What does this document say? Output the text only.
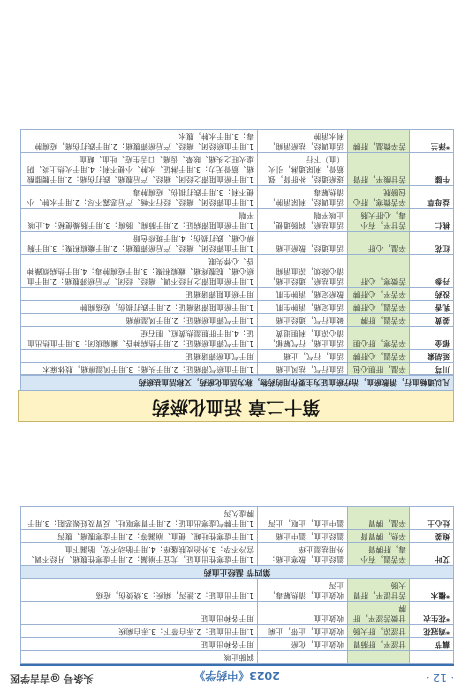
· 12 ·
2023《中药学》
			润肺止咳
藕节	甘涩平，肝肺胃	收敛止血，化瘀	用于各种出血证
*鸡冠花	甘涩凉，肝大肠	收敛止血，止带，止痢	1.用于出血证；2.赤白带下；3.赤白痢疾
*花生衣	甘微苦涩平，肝脾	收敛止血	用于各种出血证
*檵木	苦甘涩平，肝胃大肠	收敛止血，清热解毒，止泻	1.用于出血证；2.泄泻，痢疾；3.烧烫伤，疮疡
第四节 温经止血药			
艾叶	辛苦温，有小毒，肝脾肾	温经止血，散寒止痛；外用祛湿止痒	1.用于虚寒性出血证，尤宜于崩漏；2.用于虚寒性腹痛、月经不调、宫冷不孕；3.外治皮肤瘙痒；4.用于胎动不安，胎漏下血
炮姜	辛热，脾胃肾	温经止血，温中止痛	1.用于虚寒性吐衄、便血、崩漏等；2.用于虚寒腹痛、腹泻
灶心土	辛温，脾胃	温中止血，止呕，止泻	1.用于脾气虚寒出血证；2.用于胃寒呕吐、反胃及妊娠恶阻；3.用于脾虚久泻
第十二章 活血化瘀药
凡以通畅血行，消散瘀血，治疗瘀血证为主要作用的药物，称为活血化瘀药，又称活血祛瘀药
川芎	辛温，肝胆心包	活血行气，祛风止痛	1.用于血瘀气滞痛证；2.用于头痛；3.用于风湿痹痛，肢体麻木
延胡索	辛苦温，心肝脾	活血，行气，止痛	用于气血瘀滞诸痛证
郁金	辛苦寒，肝心胆	活血止痛，行气解郁，清心凉血，利胆退黄	1.用于气滞血瘀痛证；2.用于热病神昏、癫痫痰闭；3.用于血热出血证；4.用于肝胆湿热黄疸、胆石症
姜黄	辛苦温，肝脾	破血行气，通经止痛	1.用于气滞血瘀痛证；2.用于风湿痹痛
乳香	辛苦温，心肝脾	活血定痛，消肿生肌	1.用于瘀血阻滞诸痛证；2.用于跌打损伤，疮疡痈肿
没药	辛苦平，心肝脾	散瘀定痛，消肿生肌	用于瘀血阻滞诸痛证
丹参	苦微寒，心肝	活血祛瘀，通经止痛，清心除烦，凉血消痈	1.用于瘀血阻滞之月经不调、痛经、经闭、产后瘀滞腹痛；2.用于血瘀心痛、脘腹疼痛、癥瘕积聚；3.用于疮痈肿毒；4.用于热病烦躁神昏、心悸失眠
红花	辛温，心肝	活血通经，散瘀止痛	1.用于血滞经闭、痛经、产后瘀滞腹痛；2.用于癥瘕积聚；3.用于胸痹心痛、跌打损伤；4.用于斑疹色暗
桃仁	苦甘平，有小毒，心肝大肠	活血祛瘀，润肠通便，止咳平喘	1.用于瘀血阻滞病证；2.用于肺痈、肠痈；3.用于肠燥便秘；4.止咳平喘
益母草	辛苦微寒，肝心包膀胱	活血调经，利尿消肿，清热解毒	1.用于血滞经闭、痛经、经行不畅、产后恶露不尽；2.用于水肿、小便不利；3.用于跌打损伤、疮痈肿毒
牛膝	苦甘酸平，肝肾	逐瘀通经，补肝肾，强筋骨，利尿通淋，引火（血）下行	1.用于瘀血阻滞之经闭、痛经、产后腹痛、跌打伤痛；2.用于腰膝酸痛、筋骨无力；3.用于淋证、水肿、小便不利；4.用于火热上炎、阴虚火旺之头痛、眩晕、齿痛、口舌生疮、吐血、衄血
*泽兰	苦辛微温，肝脾	活血调经，祛瘀消痈，利水消肿	1.用于血瘀经闭、痛经、产后瘀滞腹痛；2.用于跌打伤痛，疮痈肿毒；3.用于水肿，腹水
头条号 @吉吉学医
